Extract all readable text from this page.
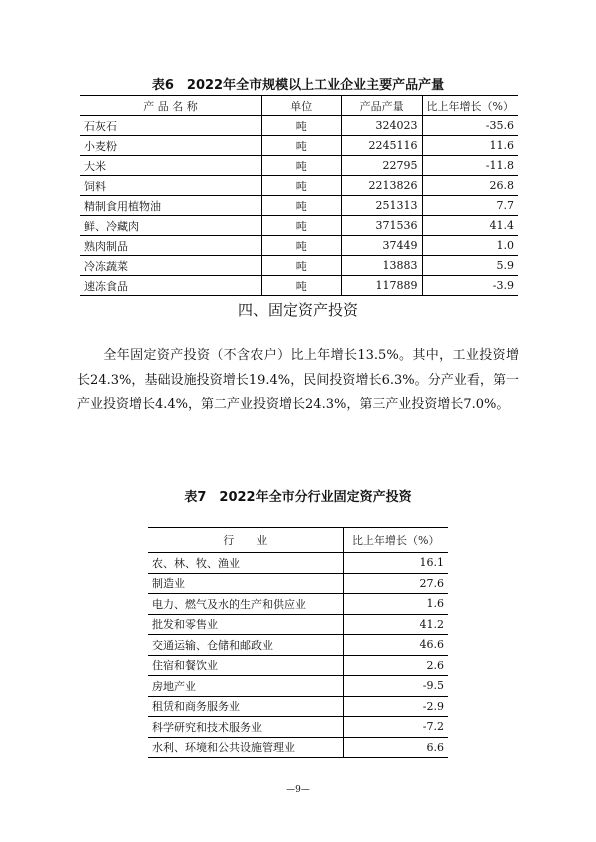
表6　2022年全市规模以上工业企业主要产品产量
产 品 名 称	单位	产品产量	比上年增长（%）
石灰石	吨	324023	-35.6
小麦粉	吨	2245116	11.6
大米	吨	22795	-11.8
饲料	吨	2213826	26.8
精制食用植物油	吨	251313	7.7
鲜、冷藏肉	吨	371536	41.4
熟肉制品	吨	37449	1.0
冷冻蔬菜	吨	13883	5.9
速冻食品	吨	117889	-3.9
四、固定资产投资

全年固定资产投资（不含农户）比上年增长13.5%。其中，工业投资增长24.3%，基础设施投资增长19.4%，民间投资增长6.3%。分产业看，第一产业投资增长4.4%，第二产业投资增长24.3%，第三产业投资增长7.0%。

表7　2022年全市分行业固定资产投资
行　　业	比上年增长（%）
农、林、牧、渔业	16.1
制造业	27.6
电力、燃气及水的生产和供应业	1.6
批发和零售业	41.2
交通运输、仓储和邮政业	46.6
住宿和餐饮业	2.6
房地产业	-9.5
租赁和商务服务业	-2.9
科学研究和技术服务业	-7.2
水利、环境和公共设施管理业	6.6
—9—
